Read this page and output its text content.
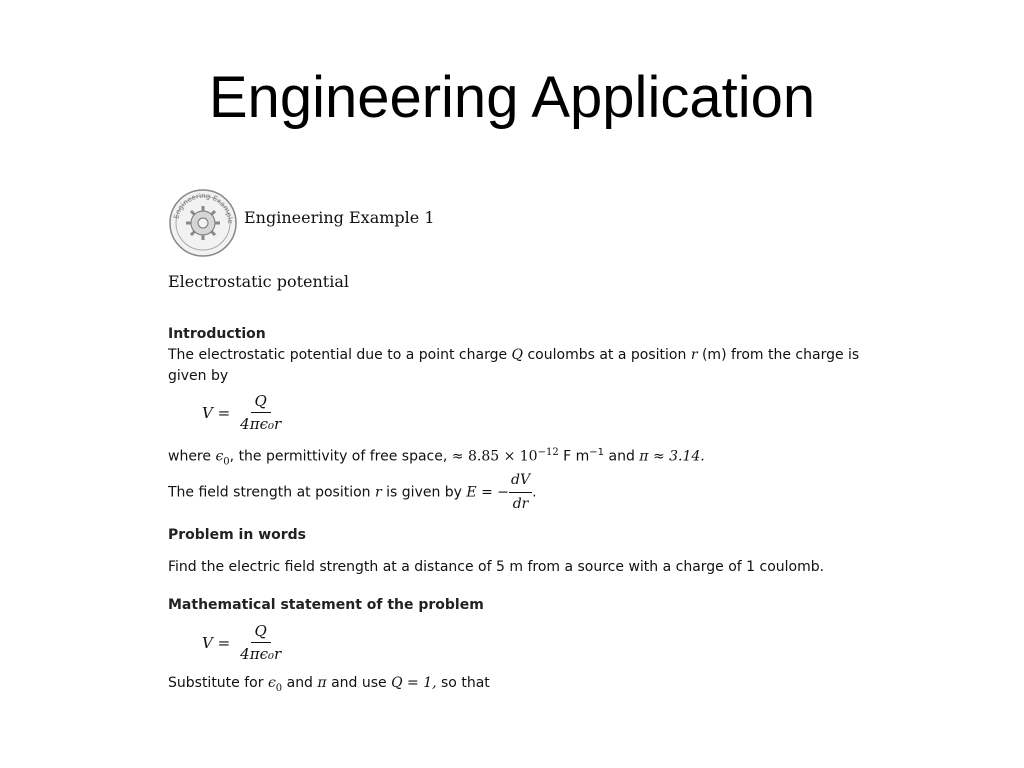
Engineering Application
Engineering Example Engineering Example 1
Electrostatic potential
Introduction
The electrostatic potential due to a point charge Q coulombs at a position r (m) from the charge is
given by
$V = \frac{Q}{\text{4πϵ₀r}}$
where $\epsilon_0$, the permittivity of free space, ≈ $8.85 \times 10^{-12}$ F $m^{-1}$ and π ≈ 3.14.
The field strength at position r is given by E = − $\frac{dV}{dr}$ .
Problem in words
Find the electric field strength at a distance of 5 m from a source with a charge of 1 coulomb.
Mathematical statement of the problem
$V = \frac{Q}{\text{4πϵ₀r}}$
Substitute for $\epsilon_0$ and π and use Q = 1, so that
